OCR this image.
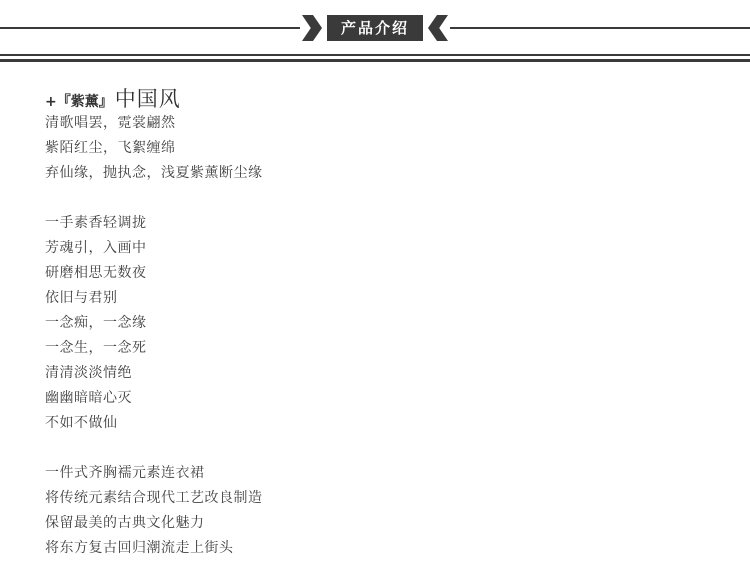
产品介绍
+『紫薰』 中国风
清歌唱罢，霓裳翩然
紫陌红尘，飞絮缠绵
弃仙缘，抛执念，浅夏紫薰断尘缘
一手素香轻调拢
芳魂引，入画中
研磨相思无数夜
依旧与君别
一念痴，一念缘
一念生，一念死
清清淡淡情绝
幽幽暗暗心灭
不如不做仙
一件式齐胸襦元素连衣裙
将传统元素结合现代工艺改良制造
保留最美的古典文化魅力
将东方复古回归潮流走上街头
